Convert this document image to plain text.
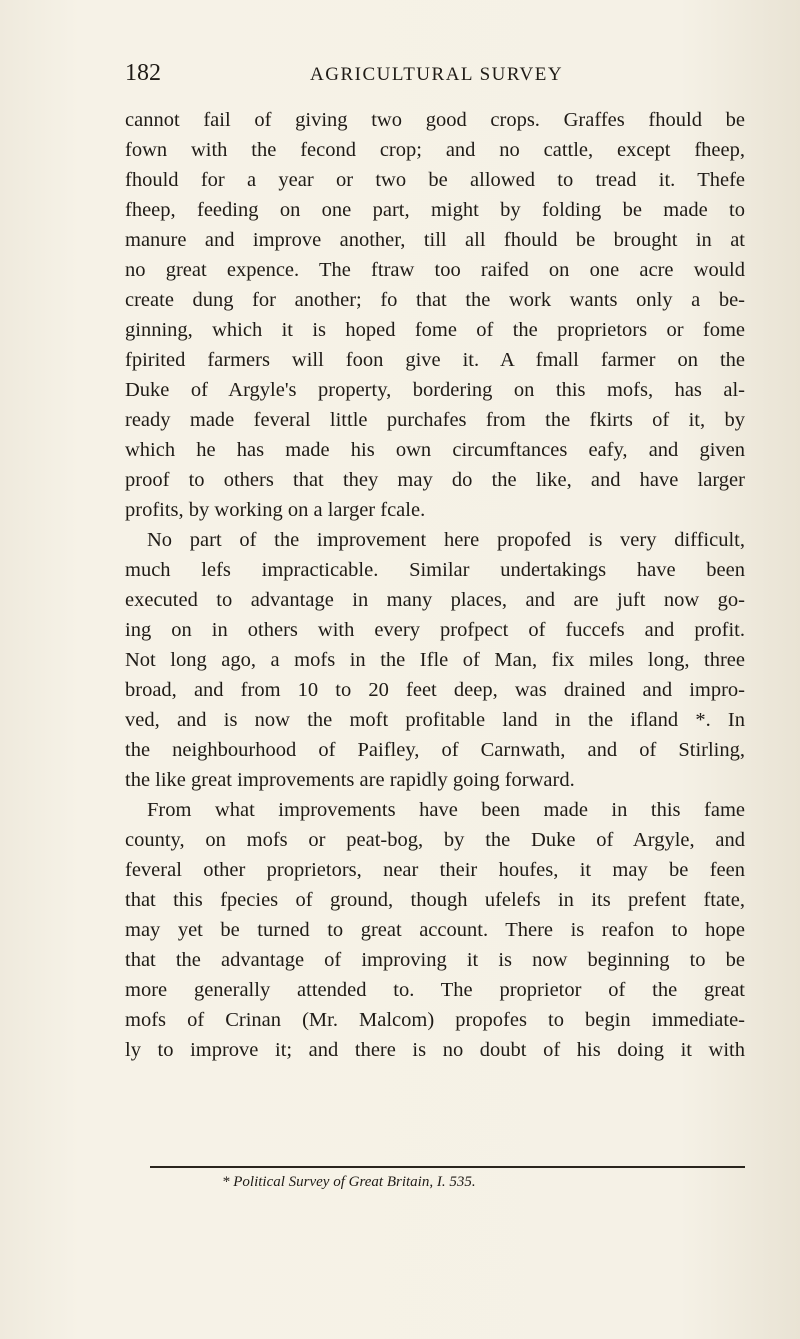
182	AGRICULTURAL SURVEY
cannot fail of giving two good crops. Graffes fhould be
fown with the fecond crop; and no cattle, except fheep,
fhould for a year or two be allowed to tread it. Thefe
fheep, feeding on one part, might by folding be made to
manure and improve another, till all fhould be brought in at
no great expence. The ftraw too raifed on one acre would
create dung for another; fo that the work wants only a be-
ginning, which it is hoped fome of the proprietors or fome
fpirited farmers will foon give it. A fmall farmer on the
Duke of Argyle's property, bordering on this mofs, has al-
ready made feveral little purchafes from the fkirts of it, by
which he has made his own circumftances eafy, and given
proof to others that they may do the like, and have larger
profits, by working on a larger fcale.
No part of the improvement here propofed is very difficult,
much lefs impracticable. Similar undertakings have been
executed to advantage in many places, and are juft now go-
ing on in others with every profpect of fuccefs and profit.
Not long ago, a mofs in the Ifle of Man, fix miles long, three
broad, and from 10 to 20 feet deep, was drained and impro-
ved, and is now the moft profitable land in the ifland *. In
the neighbourhood of Paifley, of Carnwath, and of Stirling,
the like great improvements are rapidly going forward.
From what improvements have been made in this fame
county, on mofs or peat-bog, by the Duke of Argyle, and
feveral other proprietors, near their houfes, it may be feen
that this fpecies of ground, though ufelefs in its prefent ftate,
may yet be turned to great account. There is reafon to hope
that the advantage of improving it is now beginning to be
more generally attended to. The proprietor of the great
mofs of Crinan (Mr. Malcom) propofes to begin immediate-
ly to improve it; and there is no doubt of his doing it with
* Political Survey of Great Britain, I. 535.
